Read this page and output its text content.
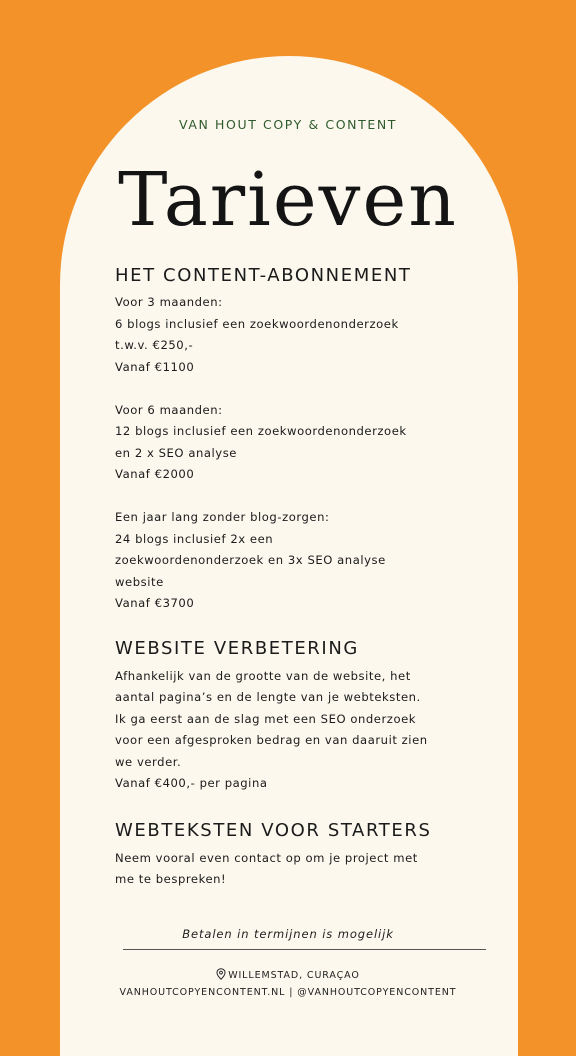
VAN HOUT COPY & CONTENT
Tarieven
HET CONTENT-ABONNEMENT

Voor 3 maanden:
6 blogs inclusief een zoekwoordenonderzoek
t.w.v. €250,-
Vanaf €1100

Voor 6 maanden:
12 blogs inclusief een zoekwoordenonderzoek
en 2 x SEO analyse
Vanaf €2000

Een jaar lang zonder blog-zorgen:
24 blogs inclusief 2x een
zoekwoordenonderzoek en 3x SEO analyse
website
Vanaf €3700

WEBSITE VERBETERING

Afhankelijk van de grootte van de website, het
aantal pagina’s en de lengte van je webteksten.
Ik ga eerst aan de slag met een SEO onderzoek
voor een afgesproken bedrag en van daaruit zien
we verder.
Vanaf €400,- per pagina

WEBTEKSTEN VOOR STARTERS

Neem vooral even contact op om je project met
me te bespreken!

Betalen in termijnen is mogelijk
WILLEMSTAD, CURAÇAO
VANHOUTCOPYENCONTENT.NL | @VANHOUTCOPYENCONTENT
